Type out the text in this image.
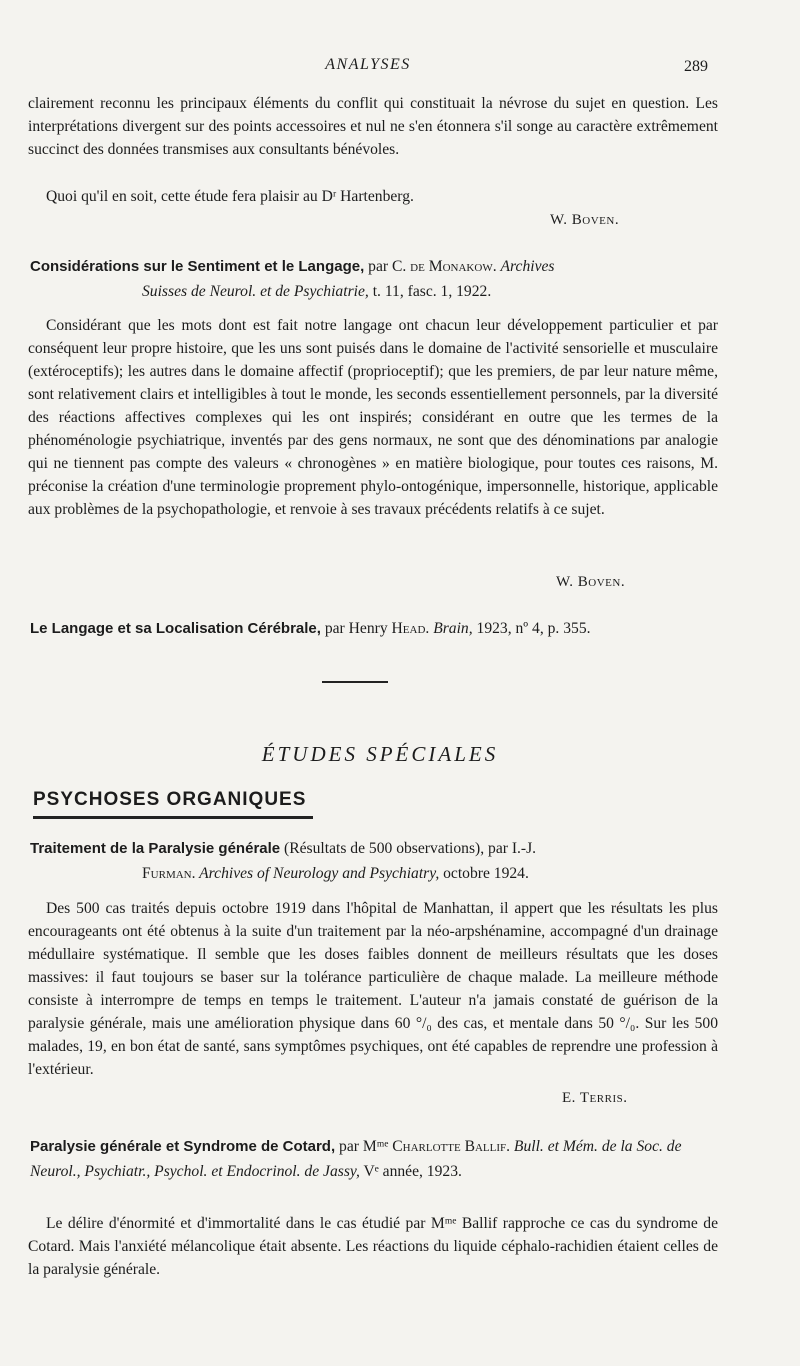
ANALYSES	289

clairement reconnu les principaux éléments du conflit qui constituait la névrose du sujet en question. Les interprétations divergent sur des points accessoires et nul ne s'en étonnera s'il songe au caractère extrêmement succinct des données transmises aux consultants bénévoles.

Quoi qu'il en soit, cette étude fera plaisir au Dʳ Hartenberg.

W. Boven.

Considérations sur le Sentiment et le Langage, par C. de Monakow. Archives
Suisses de Neurol. et de Psychiatrie, t. 11, fasc. 1, 1922.

Considérant que les mots dont est fait notre langage ont chacun leur développement particulier et par conséquent leur propre histoire, que les uns sont puisés dans le domaine de l'activité sensorielle et musculaire (extéroceptifs); les autres dans le domaine affectif (proprioceptif); que les premiers, de par leur nature même, sont relativement clairs et intelligibles à tout le monde, les seconds essentiellement personnels, par la diversité des réactions affectives complexes qui les ont inspirés; considérant en outre que les termes de la phénoménologie psychiatrique, inventés par des gens normaux, ne sont que des dénominations par analogie qui ne tiennent pas compte des valeurs « chronogènes » en matière biologique, pour toutes ces raisons, M. préconise la création d'une terminologie proprement phylo-ontogénique, impersonnelle, historique, applicable aux problèmes de la psychopathologie, et renvoie à ses travaux précédents relatifs à ce sujet.

W. Boven.

Le Langage et sa Localisation Cérébrale, par Henry Head. Brain, 1923, nº 4, p. 355.

ÉTUDES SPÉCIALES
PSYCHOSES ORGANIQUES

Traitement de la Paralysie générale (Résultats de 500 observations), par I.-J.
Furman. Archives of Neurology and Psychiatry, octobre 1924.

Des 500 cas traités depuis octobre 1919 dans l'hôpital de Manhattan, il appert que les résultats les plus encourageants ont été obtenus à la suite d'un traitement par la néo-arpshénamine, accompagné d'un drainage médullaire systématique. Il semble que les doses faibles donnent de meilleurs résultats que les doses massives: il faut toujours se baser sur la tolérance particulière de chaque malade. La meilleure méthode consiste à interrompre de temps en temps le traitement. L'auteur n'a jamais constaté de guérison de la paralysie générale, mais une amélioration physique dans 60 °/₀ des cas, et mentale dans 50 °/₀. Sur les 500 malades, 19, en bon état de santé, sans symptômes psychiques, ont été capables de reprendre une profession à l'extérieur.

E. Terris.

Paralysie générale et Syndrome de Cotard, par Mᵐᵉ Charlotte Ballif. Bull. et Mém. de la Soc. de Neurol., Psychiatr., Psychol. et Endocrinol. de Jassy, Vᵉ année, 1923.

Le délire d'énormité et d'immortalité dans le cas étudié par Mᵐᵉ Ballif rapproche ce cas du syndrome de Cotard. Mais l'anxiété mélancolique était absente. Les réactions du liquide céphalo-rachidien étaient celles de la paralysie générale.
